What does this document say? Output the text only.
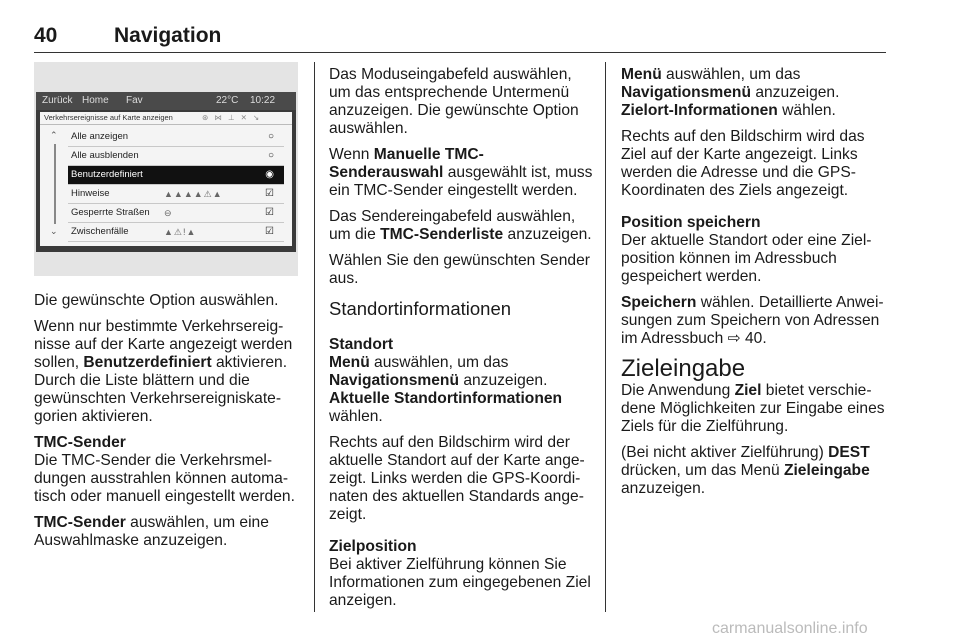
40	Navigation
Zurück Home Fav	22°C 10:22
Verkehrsereignisse auf Karte anzeigen	⊛ ⋈ ⊥ ✕ ↘
⌃
⌄
Alle anzeigen	○
Alle ausblenden	○
Benutzerdefiniert	◉
Hinweise	▲▲▲▲⚠▲	☑
Gesperrte Straßen ⊖	☑
Zwischenfälle	▲⚠!▲	☑

Die gewünschte Option auswählen.

Wenn nur bestimmte Verkehrsereig-nisse auf der Karte angezeigt werden sollen, Benutzerdefiniert aktivieren. Durch die Liste blättern und die gewünschten Verkehrsereigniskate-gorien aktivieren.

TMC-Sender

Die TMC-Sender die Verkehrsmel-dungen ausstrahlen können automa-tisch oder manuell eingestellt werden.

TMC-Sender auswählen, um eine Auswahlmaske anzuzeigen.

Das Moduseingabefeld auswählen, um das entsprechende Untermenü anzuzeigen. Die gewünschte Option auswählen.

Wenn Manuelle TMC-Senderauswahl ausgewählt ist, muss ein TMC-Sender eingestellt werden.

Das Sendereingabefeld auswählen, um die TMC-Senderliste anzuzeigen.

Wählen Sie den gewünschten Sender aus.

Standortinformationen
Standort

Menü auswählen, um das Navigationsmenü anzuzeigen.
Aktuelle Standortinformationen wählen.

Rechts auf den Bildschirm wird der aktuelle Standort auf der Karte ange-zeigt. Links werden die GPS-Koordi-naten des aktuellen Standards ange-zeigt.

Zielposition

Bei aktiver Zielführung können Sie Informationen zum eingegebenen Ziel anzeigen.

Menü auswählen, um das Navigationsmenü anzuzeigen.
Zielort-Informationen wählen.

Rechts auf den Bildschirm wird das Ziel auf der Karte angezeigt. Links werden die Adresse und die GPS-Koordinaten des Ziels angezeigt.

Position speichern

Der aktuelle Standort oder eine Ziel-position können im Adressbuch gespeichert werden.

Speichern wählen. Detaillierte Anwei-sungen zum Speichern von Adressen im Adressbuch ⇨ 40.

Zieleingabe

Die Anwendung Ziel bietet verschie-dene Möglichkeiten zur Eingabe eines Ziels für die Zielführung.

(Bei nicht aktiver Zielführung) DEST drücken, um das Menü Zieleingabe anzuzeigen.

carmanualsonline.info
